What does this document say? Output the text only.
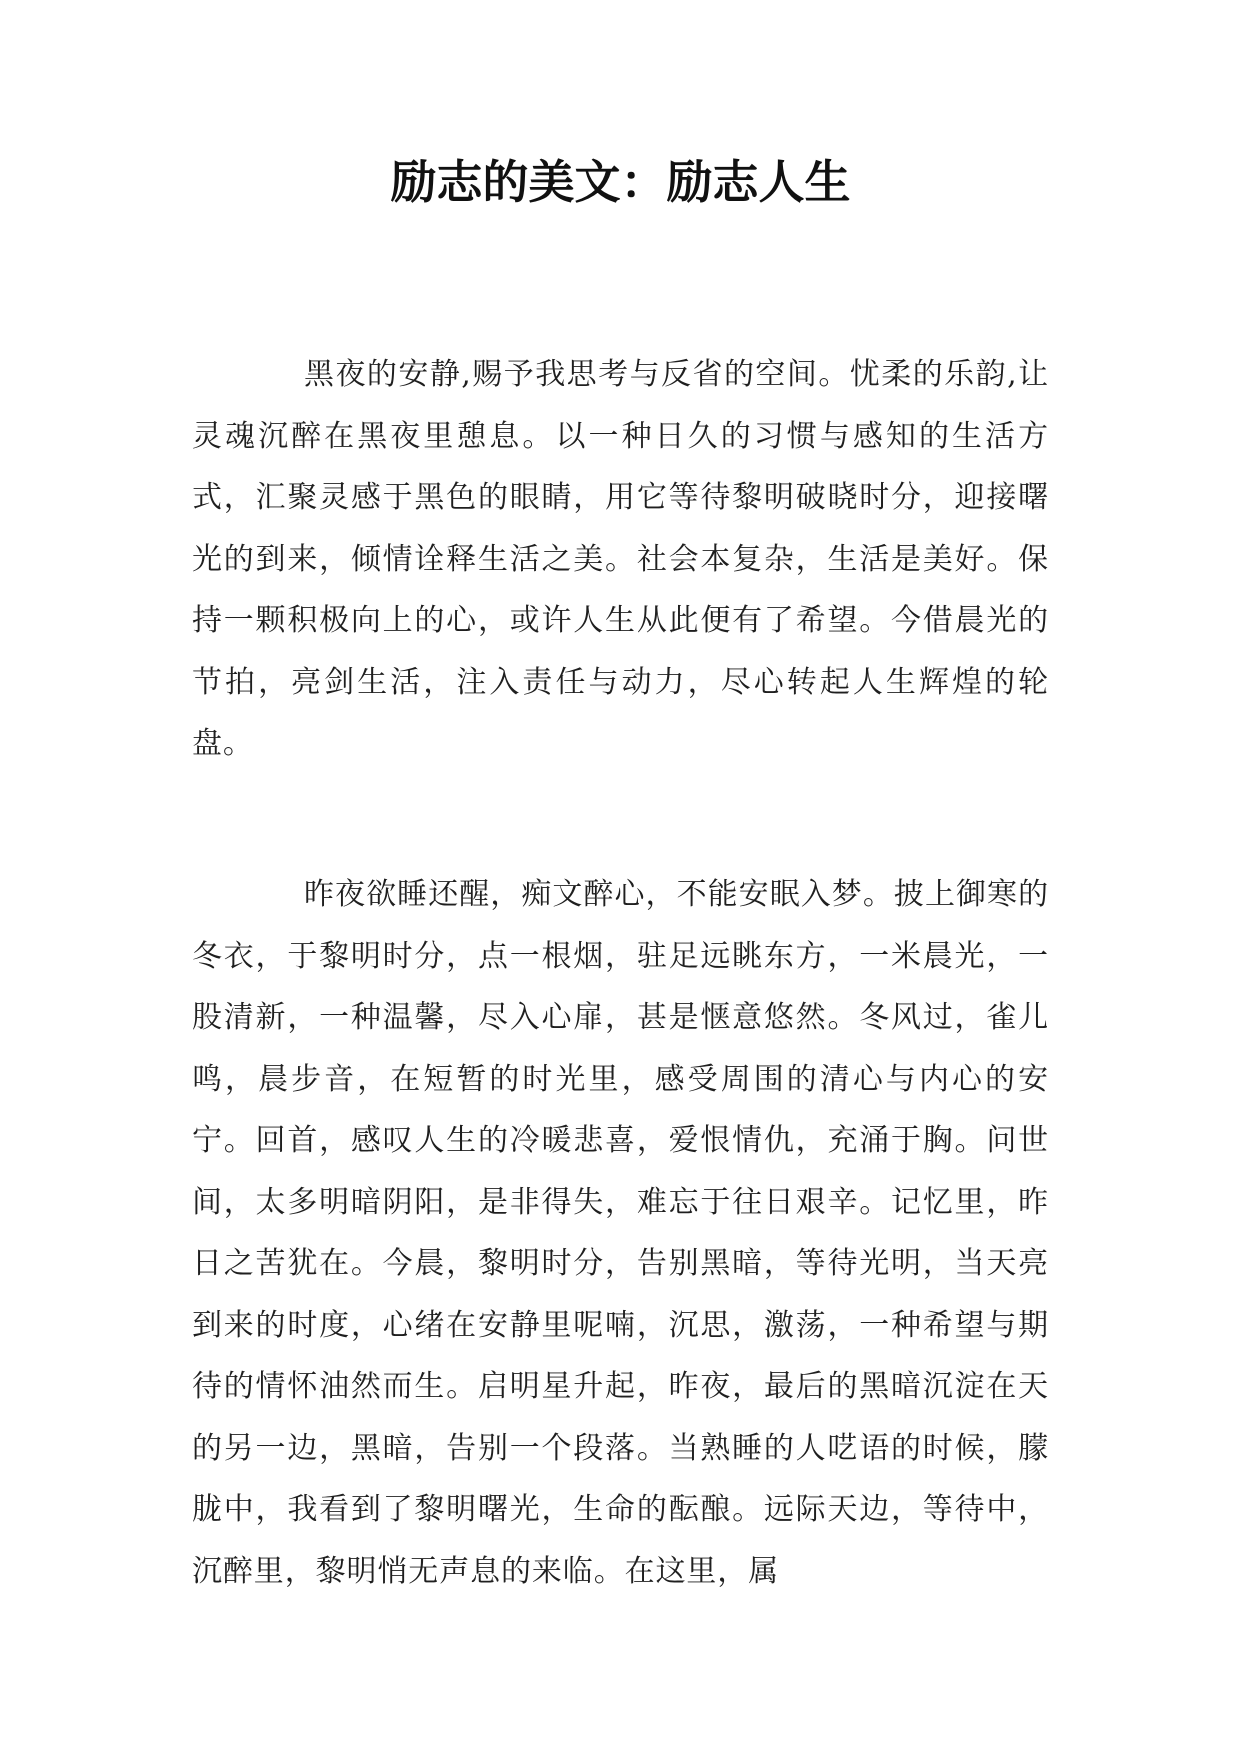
励志的美文：励志人生

黑夜的安静,赐予我思考与反省的空间。忧柔的乐韵,让灵魂沉醉在黑夜里憩息。以一种日久的习惯与感知的生活方式，汇聚灵感于黑色的眼睛，用它等待黎明破晓时分，迎接曙光的到来，倾情诠释生活之美。社会本复杂，生活是美好。保持一颗积极向上的心，或许人生从此便有了希望。今借晨光的节拍，亮剑生活，注入责任与动力，尽心转起人生辉煌的轮盘。

昨夜欲睡还醒，痴文醉心，不能安眠入梦。披上御寒的冬衣，于黎明时分，点一根烟，驻足远眺东方，一米晨光，一股清新，一种温馨，尽入心扉，甚是惬意悠然。冬风过，雀儿鸣，晨步音，在短暂的时光里，感受周围的清心与内心的安宁。回首，感叹人生的冷暖悲喜，爱恨情仇，充涌于胸。问世间，太多明暗阴阳，是非得失，难忘于往日艰辛。记忆里，昨日之苦犹在。今晨，黎明时分，告别黑暗，等待光明，当天亮到来的时度，心绪在安静里呢喃，沉思，激荡，一种希望与期待的情怀油然而生。启明星升起，昨夜，最后的黑暗沉淀在天的另一边，黑暗，告别一个段落。当熟睡的人呓语的时候，朦胧中，我看到了黎明曙光，生命的酝酿。远际天边，等待中，沉醉里，黎明悄无声息的来临。在这里，属
